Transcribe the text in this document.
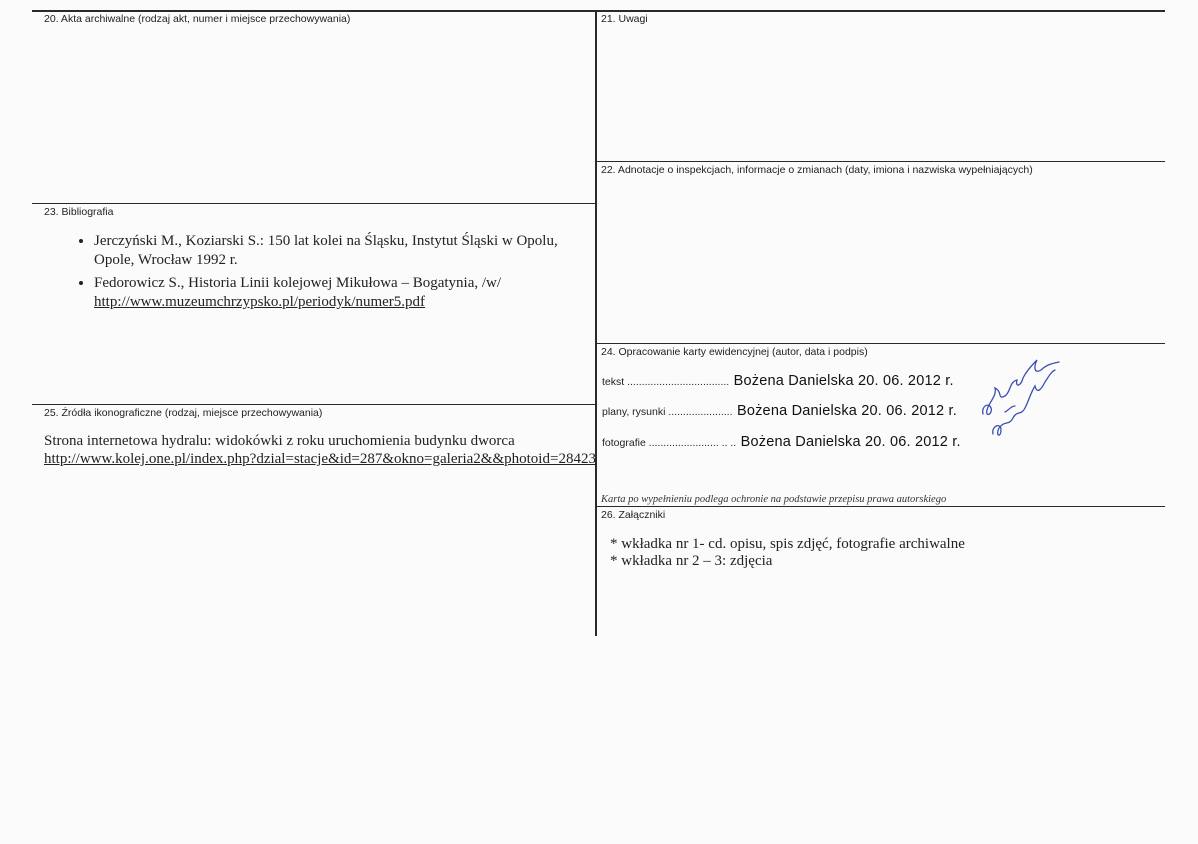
20. Akta archiwalne (rodzaj akt, numer i miejsce przechowywania)	21. Uwagi
22. Adnotacje o inspekcjach, informacje o zmianach (daty, imiona i nazwiska wypełniających)
23. Bibliografia
24. Opracowanie karty ewidencyjnej (autor, data i podpis)
25. Źródła ikonograficzne (rodzaj, miejsce przechowywania)
26. Załączniki
• Jerczyński M., Koziarski S.: 150 lat kolei na Śląsku, Instytut Śląski w Opolu, Opole, Wrocław 1992 r.
• Fedorowicz S., Historia Linii kolejowej Mikułowa – Bogatynia, /w/ http://www.muzeumchrzypsko.pl/periodyk/numer5.pdf
Strona internetowa hydralu: widokówki z roku uruchomienia budynku dworca
http://www.kolej.one.pl/index.php?dzial=stacje&id=287&okno=galeria2&&photoid=28423
tekst ................................... Bożena Danielska 20. 06. 2012 r.
plany, rysunki ...................... Bożena Danielska 20. 06. 2012 r.
fotografie ........................ .. .. Bożena Danielska 20. 06. 2012 r.
Karta po wypełnieniu podlega ochronie na podstawie przepisu prawa autorskiego
* wkładka nr 1- cd. opisu, spis zdjęć, fotografie archiwalne
* wkładka nr 2 – 3: zdjęcia
